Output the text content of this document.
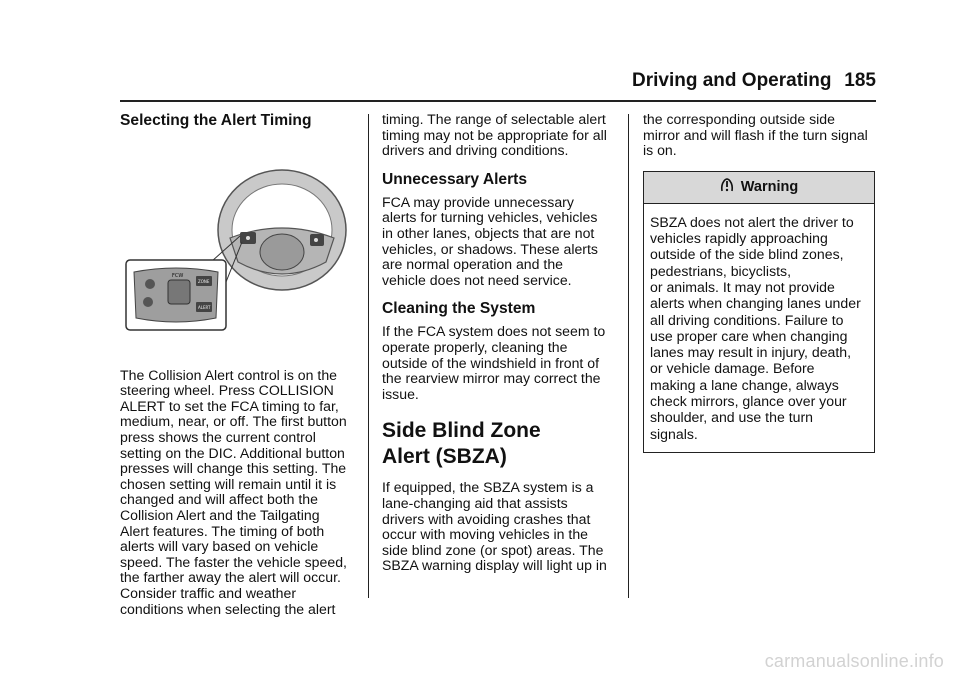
Driving and Operating 185
Selecting the Alert Timing
FCW
ZONE
ALERT

The Collision Alert control is on the
steering wheel. Press COLLISION
ALERT to set the FCA timing to far,
medium, near, or off. The first button
press shows the current control
setting on the DIC. Additional button
presses will change this setting. The
chosen setting will remain until it is
changed and will affect both the
Collision Alert and the Tailgating
Alert features. The timing of both
alerts will vary based on vehicle
speed. The faster the vehicle speed,
the farther away the alert will occur.
Consider traffic and weather
conditions when selecting the alert

timing. The range of selectable alert
timing may not be appropriate for all
drivers and driving conditions.

Unnecessary Alerts

FCA may provide unnecessary
alerts for turning vehicles, vehicles
in other lanes, objects that are not
vehicles, or shadows. These alerts
are normal operation and the
vehicle does not need service.

Cleaning the System

If the FCA system does not seem to
operate properly, cleaning the
outside of the windshield in front of
the rearview mirror may correct the
issue.

Side Blind Zone
Alert (SBZA)

If equipped, the SBZA system is a
lane-changing aid that assists
drivers with avoiding crashes that
occur with moving vehicles in the
side blind zone (or spot) areas. The
SBZA warning display will light up in

the corresponding outside side
mirror and will flash if the turn signal
is on.

Warning

SBZA does not alert the driver to
vehicles rapidly approaching
outside of the side blind zones,
pedestrians, bicyclists,
or animals. It may not provide
alerts when changing lanes under
all driving conditions. Failure to
use proper care when changing
lanes may result in injury, death,
or vehicle damage. Before
making a lane change, always
check mirrors, glance over your
shoulder, and use the turn
signals.

carmanualsonline.info
